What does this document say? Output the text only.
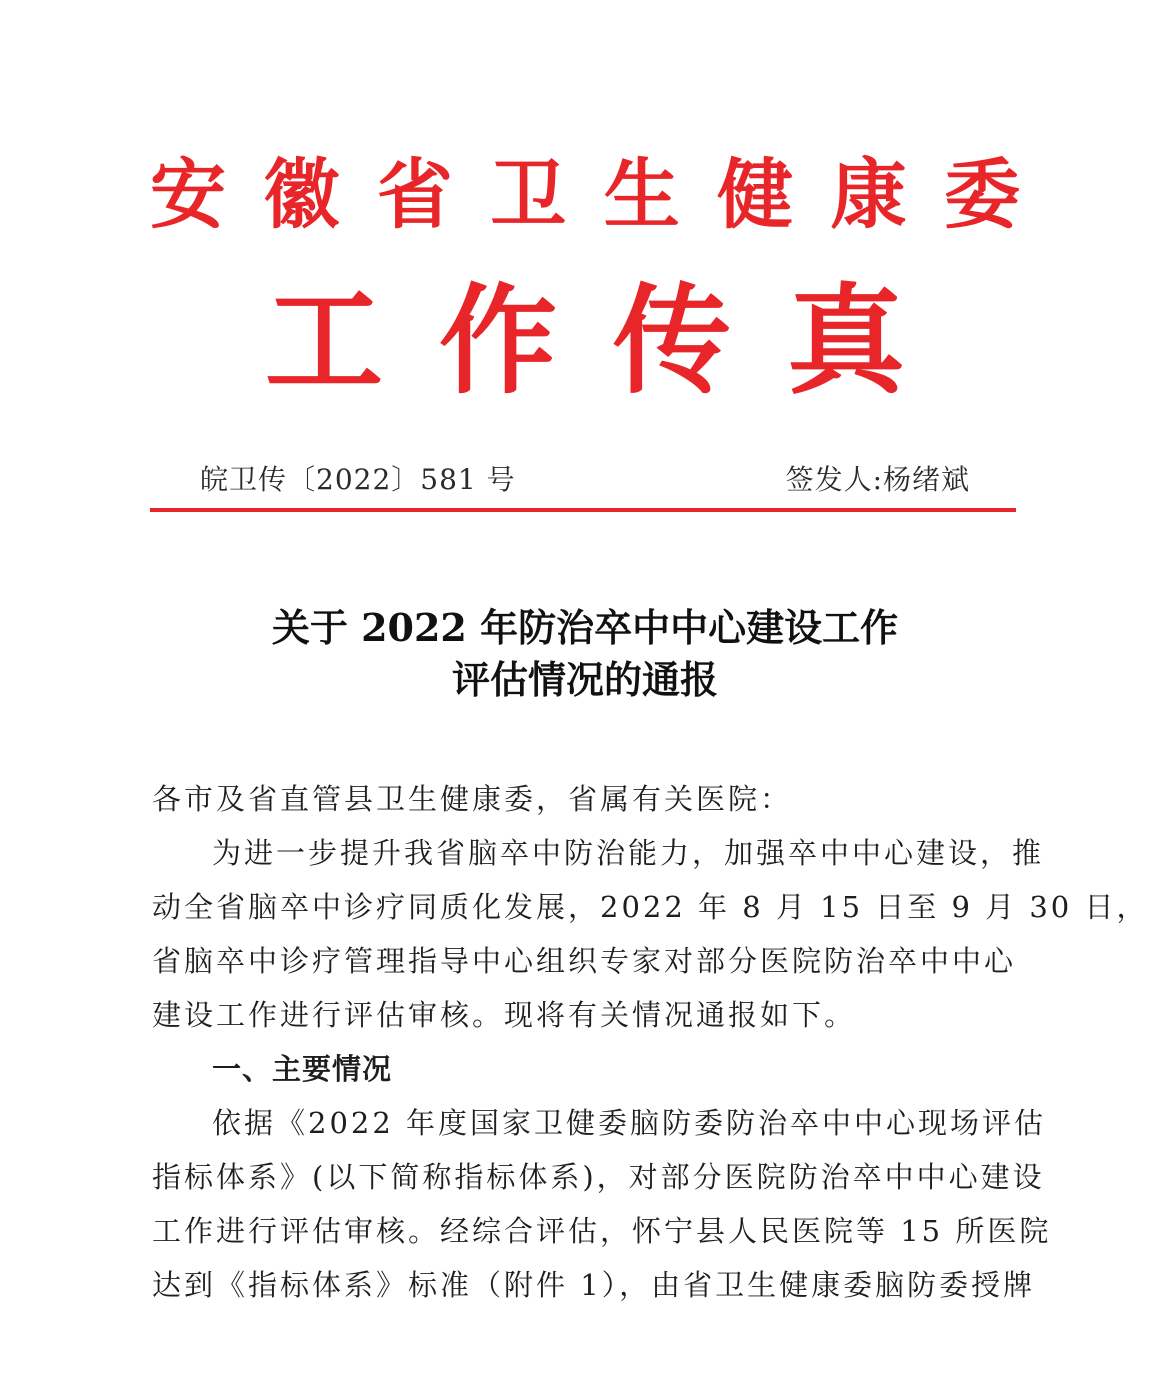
安 徽 省 卫 生 健 康 委
工 作 传 真
皖卫传〔2022〕581 号	签发人:杨绪斌
关于 2022 年防治卒中中心建设工作
评估情况的通报
各市及省直管县卫生健康委，省属有关医院：
为进一步提升我省脑卒中防治能力，加强卒中中心建设，推
动全省脑卒中诊疗同质化发展，2022 年 8 月 15 日至 9 月 30 日，
省脑卒中诊疗管理指导中心组织专家对部分医院防治卒中中心
建设工作进行评估审核。现将有关情况通报如下。
一、主要情况
依据《2022 年度国家卫健委脑防委防治卒中中心现场评估
指标体系》(以下简称指标体系)，对部分医院防治卒中中心建设
工作进行评估审核。经综合评估，怀宁县人民医院等 15 所医院
达到《指标体系》标准（附件 1），由省卫生健康委脑防委授牌
